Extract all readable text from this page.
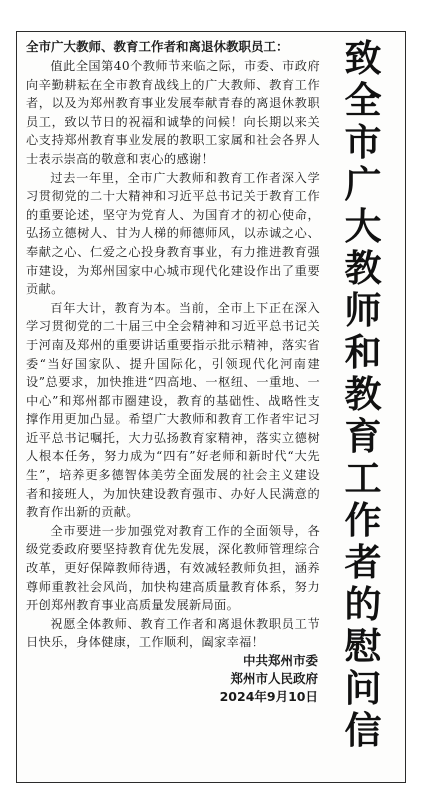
全市广大教师、教育工作者和离退休教职员工：

值此全国第40个教师节来临之际，市委、市政府向辛勤耕耘在全市教育战线上的广大教师、教育工作者，以及为郑州教育事业发展奉献青春的离退休教职员工，致以节日的祝福和诚挚的问候！向长期以来关心支持郑州教育事业发展的教职工家属和社会各界人士表示崇高的敬意和衷心的感谢！

过去一年里，全市广大教师和教育工作者深入学习贯彻党的二十大精神和习近平总书记关于教育工作的重要论述，坚守为党育人、为国育才的初心使命，弘扬立德树人、甘为人梯的师德师风，以赤诚之心、奉献之心、仁爱之心投身教育事业，有力推进教育强市建设，为郑州国家中心城市现代化建设作出了重要贡献。

百年大计，教育为本。当前，全市上下正在深入学习贯彻党的二十届三中全会精神和习近平总书记关于河南及郑州的重要讲话重要指示批示精神，落实省委“当好国家队、提升国际化，引领现代化河南建设”总要求，加快推进“四高地、一枢纽、一重地、一中心”和郑州都市圈建设，教育的基础性、战略性支撑作用更加凸显。希望广大教师和教育工作者牢记习近平总书记嘱托，大力弘扬教育家精神，落实立德树人根本任务，努力成为“四有”好老师和新时代“大先生”，培养更多德智体美劳全面发展的社会主义建设者和接班人，为加快建设教育强市、办好人民满意的教育作出新的贡献。

全市要进一步加强党对教育工作的全面领导，各级党委政府要坚持教育优先发展，深化教师管理综合改革，更好保障教师待遇，有效减轻教师负担，涵养尊师重教社会风尚，加快构建高质量教育体系，努力开创郑州教育事业高质量发展新局面。

祝愿全体教师、教育工作者和离退休教职员工节日快乐，身体健康，工作顺利，阖家幸福！

中共郑州市委

郑州市人民政府

2024年9月10日

致
全
市
广
大
教
师
和
教
育
工
作
者
的
慰
问
信
